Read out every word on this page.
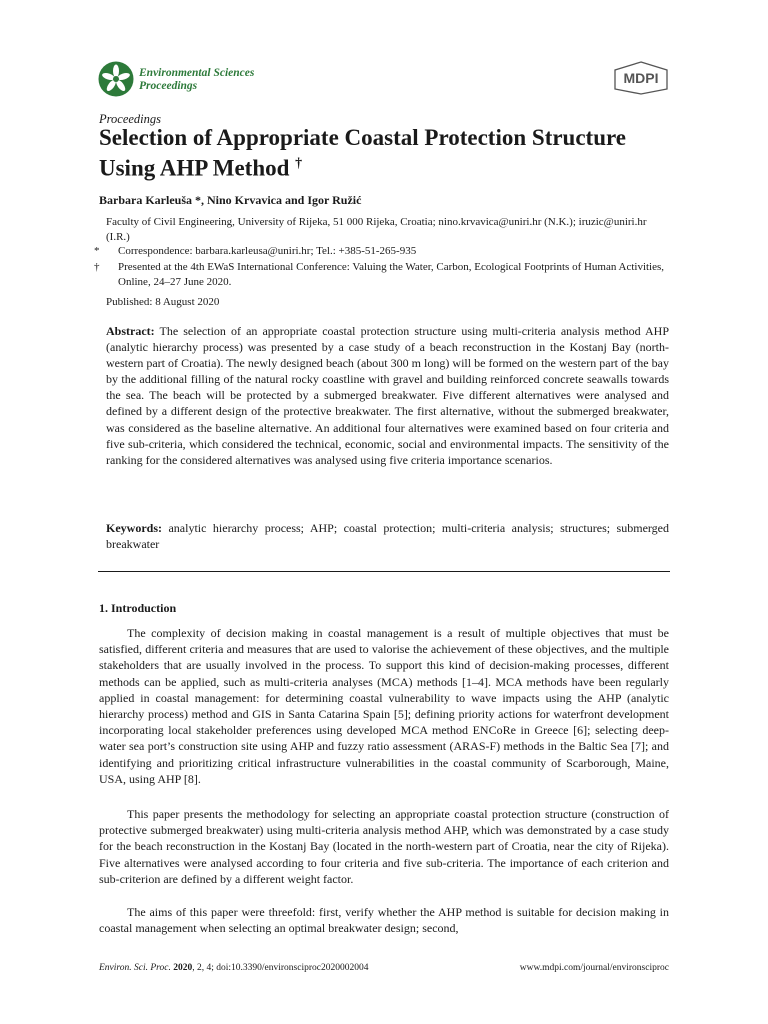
Environmental Sciences
Proceedings	MDPI
Proceedings
Selection of Appropriate Coastal Protection Structure Using AHP Method †
Barbara Karleuša *, Nino Krvavica and Igor Ružić
Faculty of Civil Engineering, University of Rijeka, 51 000 Rijeka, Croatia; nino.krvavica@uniri.hr (N.K.); iruzic@uniri.hr (I.R.)
* Correspondence: barbara.karleusa@uniri.hr; Tel.: +385-51-265-935
† Presented at the 4th EWaS International Conference: Valuing the Water, Carbon, Ecological Footprints of Human Activities, Online, 24–27 June 2020.
Published: 8 August 2020

Abstract: The selection of an appropriate coastal protection structure using multi-criteria analysis method AHP (analytic hierarchy process) was presented by a case study of a beach reconstruction in the Kostanj Bay (north-western part of Croatia). The newly designed beach (about 300 m long) will be formed on the western part of the bay by the additional filling of the natural rocky coastline with gravel and building reinforced concrete seawalls towards the sea. The beach will be protected by a submerged breakwater. Five different alternatives were analysed and defined by a different design of the protective breakwater. The first alternative, without the submerged breakwater, was considered as the baseline alternative. An additional four alternatives were examined based on four criteria and five sub-criteria, which considered the technical, economic, social and environmental impacts. The sensitivity of the ranking for the considered alternatives was analysed using five criteria importance scenarios.

Keywords: analytic hierarchy process; AHP; coastal protection; multi-criteria analysis; structures; submerged breakwater

1. Introduction

The complexity of decision making in coastal management is a result of multiple objectives that must be satisfied, different criteria and measures that are used to valorise the achievement of these objectives, and the multiple stakeholders that are usually involved in the process. To support this kind of decision-making processes, different methods can be applied, such as multi-criteria analyses (MCA) methods [1–4]. MCA methods have been regularly applied in coastal management: for determining coastal vulnerability to wave impacts using the AHP (analytic hierarchy process) method and GIS in Santa Catarina Spain [5]; defining priority actions for waterfront development incorporating local stakeholder preferences using developed MCA method ENCoRe in Greece [6]; selecting deep-water sea port’s construction site using AHP and fuzzy ratio assessment (ARAS-F) methods in the Baltic Sea [7]; and identifying and prioritizing critical infrastructure vulnerabilities in the coastal community of Scarborough, Maine, USA, using AHP [8].

This paper presents the methodology for selecting an appropriate coastal protection structure (construction of protective submerged breakwater) using multi-criteria analysis method AHP, which was demonstrated by a case study for the beach reconstruction in the Kostanj Bay (located in the north-western part of Croatia, near the city of Rijeka). Five alternatives were analysed according to four criteria and five sub-criteria. The importance of each criterion and sub-criterion are defined by a different weight factor.

The aims of this paper were threefold: first, verify whether the AHP method is suitable for decision making in coastal management when selecting an optimal breakwater design; second,

Environ. Sci. Proc. 2020, 2, 4; doi:10.3390/environsciproc2020002004	www.mdpi.com/journal/environsciproc
